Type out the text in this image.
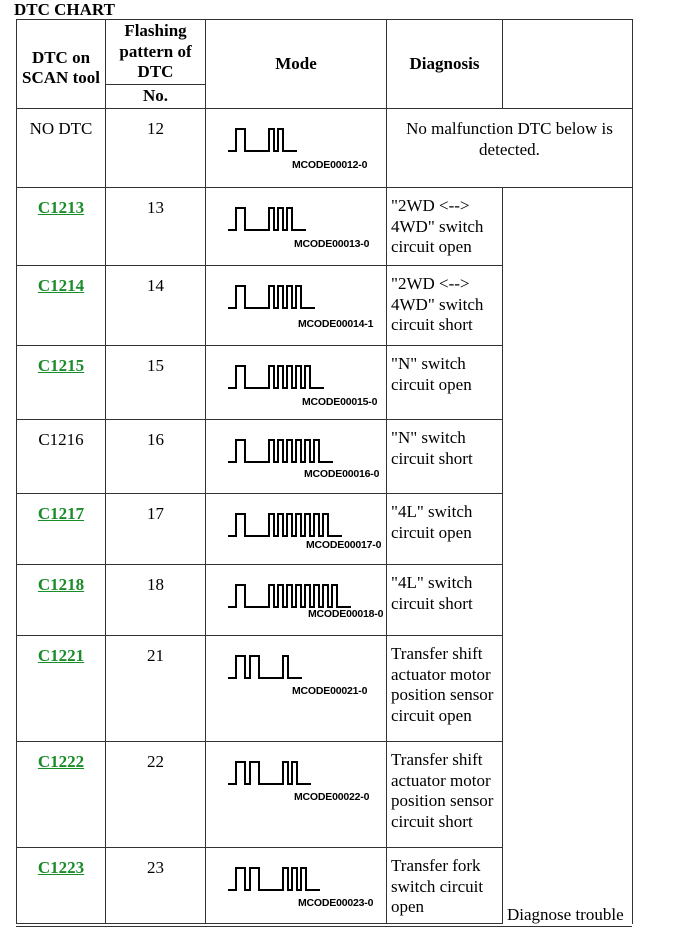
DTC CHART
DTC on SCAN tool	Flashing pattern of DTC	Mode	Diagnosis	
	No.			
NO DTC	12	MCODE00012-0	No malfunction DTC below is detected.	
C1213	13	MCODE00013-0	"2WD <--> 4WD" switch circuit open	Diagnose trouble

C1214	14	MCODE00014-1	"2WD <--> 4WD" switch circuit short	
C1215	15	MCODE00015-0	"N" switch circuit open	
C1216	16	MCODE00016-0	"N" switch circuit short	
C1217	17	MCODE00017-0	"4L" switch circuit open	
C1218	18	MCODE00018-0	"4L" switch circuit short	
C1221	21	MCODE00021-0	Transfer shift actuator motor position sensor circuit open	
C1222	22	MCODE00022-0	Transfer shift actuator motor position sensor circuit short	
C1223	23	MCODE00023-0	Transfer fork switch circuit open	
